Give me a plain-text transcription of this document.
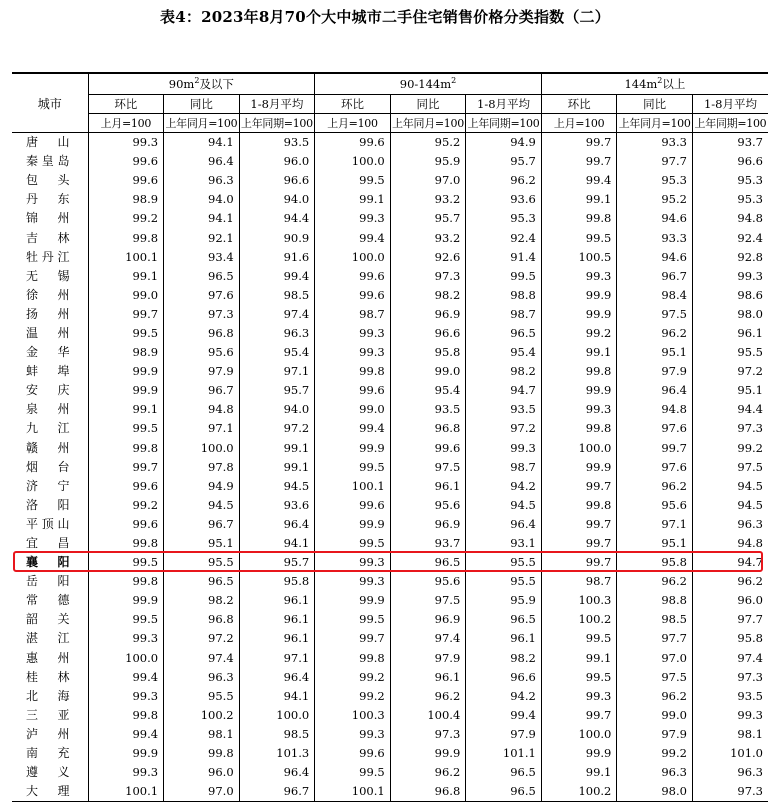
表4：2023年8月70个大中城市二手住宅销售价格分类指数（二）
城市	$90m^2$及以下			$90-144m^2$			$144m^2$以上		
	环比	同比	1-8月平均	环比	同比	1-8月平均	环比	同比	1-8月平均
	上月=100	上年同月=100	上年同期=100	上月=100	上年同月=100	上年同期=100	上月=100	上年同月=100	上年同期=100
唐山	99.3	94.1	93.5	99.6	95.2	94.9	99.7	93.3	93.7
秦皇岛	99.6	96.4	96.0	100.0	95.9	95.7	99.7	97.7	96.6
包头	99.6	96.3	96.6	99.5	97.0	96.2	99.4	95.3	95.3
丹东	98.9	94.0	94.0	99.1	93.2	93.6	99.1	95.2	95.3
锦州	99.2	94.1	94.4	99.3	95.7	95.3	99.8	94.6	94.8
吉林	99.8	92.1	90.9	99.4	93.2	92.4	99.5	93.3	92.4
牡丹江	100.1	93.4	91.6	100.0	92.6	91.4	100.5	94.6	92.8
无锡	99.1	96.5	99.4	99.6	97.3	99.5	99.3	96.7	99.3
徐州	99.0	97.6	98.5	99.6	98.2	98.8	99.9	98.4	98.6
扬州	99.7	97.3	97.4	98.7	96.9	98.7	99.9	97.5	98.0
温州	99.5	96.8	96.3	99.3	96.6	96.5	99.2	96.2	96.1
金华	98.9	95.6	95.4	99.3	95.8	95.4	99.1	95.1	95.5
蚌埠	99.9	97.9	97.1	99.8	99.0	98.2	99.8	97.9	97.2
安庆	99.9	96.7	95.7	99.6	95.4	94.7	99.9	96.4	95.1
泉州	99.1	94.8	94.0	99.0	93.5	93.5	99.3	94.8	94.4
九江	99.5	97.1	97.2	99.4	96.8	97.2	99.8	97.6	97.3
赣州	99.8	100.0	99.1	99.9	99.6	99.3	100.0	99.7	99.2
烟台	99.7	97.8	99.1	99.5	97.5	98.7	99.9	97.6	97.5
济宁	99.6	94.9	94.5	100.1	96.1	94.2	99.7	96.2	94.5
洛阳	99.2	94.5	93.6	99.6	95.6	94.5	99.8	95.6	94.5
平顶山	99.6	96.7	96.4	99.9	96.9	96.4	99.7	97.1	96.3
宜昌	99.8	95.1	94.1	99.5	93.7	93.1	99.7	95.1	94.8
襄阳	99.5	95.5	95.7	99.3	96.5	95.5	99.7	95.8	94.7
岳阳	99.8	96.5	95.8	99.3	95.6	95.5	98.7	96.2	96.2
常德	99.9	98.2	96.1	99.9	97.5	95.9	100.3	98.8	96.0
韶关	99.5	96.8	96.1	99.5	96.9	96.5	100.2	98.5	97.7
湛江	99.3	97.2	96.1	99.7	97.4	96.1	99.5	97.7	95.8
惠州	100.0	97.4	97.1	99.8	97.9	98.2	99.1	97.0	97.4
桂林	99.4	96.3	96.4	99.2	96.1	96.6	99.5	97.5	97.3
北海	99.3	95.5	94.1	99.2	96.2	94.2	99.3	96.2	93.5
三亚	99.8	100.2	100.0	100.3	100.4	99.4	99.7	99.0	99.3
泸州	99.4	98.1	98.5	99.3	97.3	97.9	100.0	97.9	98.1
南充	99.9	99.8	101.3	99.6	99.9	101.1	99.9	99.2	101.0
遵义	99.3	96.0	96.4	99.5	96.2	96.5	99.1	96.3	96.3
大理	100.1	97.0	96.7	100.1	96.8	96.5	100.2	98.0	97.3
